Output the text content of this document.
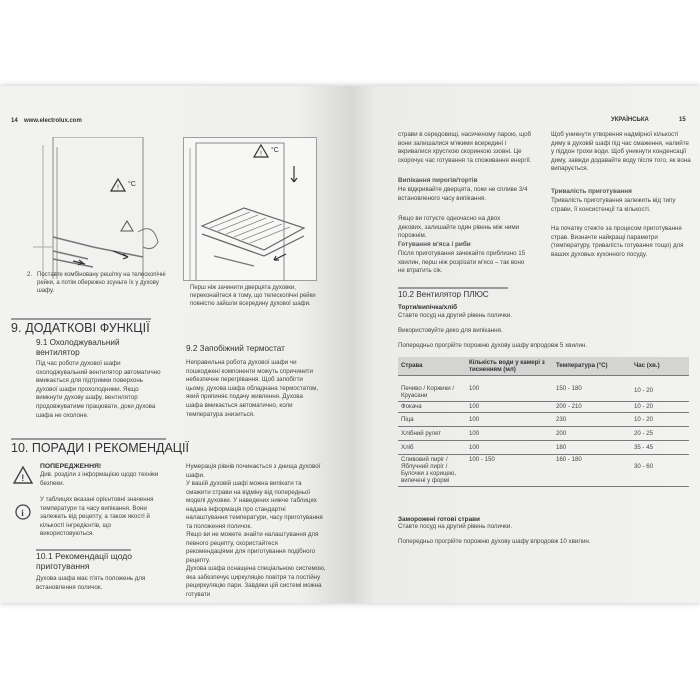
14 www.electrolux.com
! °C
2. Поставте комбіновану решітку на телескопічні рейки, а потім обережно зсуньте їх у духову шафу.
! °C
Перш ніж зачинити дверцята духовки, переконайтеся в тому, що телескопічні рейки повністю зайшли всередину духової шафи.
9. ДОДАТКОВІ ФУНКЦІЇ
9.1 Охолоджувальний вентилятор
Під час роботи духової шафи охолоджувальний вентилятор автоматично вмикається для підтримки поверхонь духової шафи прохолодними. Якщо вимкнути духову шафу, вентилятор продовжуватиме працювати, доки духова шафа не охолоне.
9.2 Запобіжний термостат
Неправильна робота духової шафи чи пошкоджені компоненти можуть спричинити небезпечне перегрівання. Щоб запобігти цьому, духова шафа обладнана термостатом, який припиняє подачу живлення. Духова шафа вмикається автоматично, коли температура знизиться.
10. ПОРАДИ І РЕКОМЕНДАЦІЇ
!
ПОПЕРЕДЖЕННЯ!
Див. розділи з інформацією щодо техніки безпеки.
i
У таблицях вказані орієнтовні значення температури та часу випікання. Вони залежать від рецепту, а також якості й кількості інгредієнтів, що використовуються.
10.1 Рекомендації щодо приготування
Духова шафа має п'ять положень для встановлення поличок.
Нумерація рівнів починається з днища духової шафи.
У вашій духовій шафі можна випікати та смажити страви на відміну від попередньої моделі духовки. У наведених нижче таблицях надана інформація про стандартні налаштування температури, часу приготування та положення поличок.
Якщо ви не можете знайти налаштування для певного рецепту, скористайтеся рекомендаціями для приготування подібного рецепту.
Духова шафа оснащена спеціальною системою, яка забезпечує циркуляцію повітря та постійну рециркуляцію пари. Завдяки цій системі можна готувати
УКРАЇНСЬКА	15
страви в середовищі, насиченому парою, щоб вони залишалися м'якими всередині і вкривалися хрусткою скоринкою ззовні. Це скорочує час готування та споживання енергії.
Випікання пирогів/тортів
Не відкривайте дверцята, поки не спливе 3/4 встановленого часу випікання.
Якщо ви готуєте одночасно на двох декових, залишайте один рівень між ними порожнім.
Готування м'яса і риби
Після приготування зачекайте приблизно 15 хвилин, перш ніж розрізати м'ясо – так воно не втратить сік.
Щоб уникнути утворення надмірної кількості диму в духовій шафі під час смаження, налийте у піддон трохи води. Щоб уникнути конденсації диму, завжди додавайте воду після того, як вона випарується.
Тривалість приготування
Тривалість приготування залежить від типу страви, її консистенції та кількості.
На початку стежте за процесом приготування страв. Визначте найкращі параметри (температуру, тривалість готування тощо) для ваших духовых кухонного посуду.
10.2 Вентилятор ПЛЮС
Торти/випічка/хліб
Ставте посуд на другий рівень полички.
Використовуйте деко для випікання.
Попередньо прогрійте порожню духову шафу впродовж 5 хвилин.
Страва	Кількість води у камері з тисненням (мл)	Температура (°C)	Час (хв.)
Печиво / Коржики / Круасани	100	150 - 180	10 - 20
Фокача	100	200 - 210	10 - 20
Піца	100	230	10 - 20
Хлібний рулет	100	200	20 - 25
Хліб	100	180	35 - 45
Сливовий пиріг / Яблучний пиріг / Булочки з корицею, випечені у формі	100 - 150	160 - 180	30 - 60
Заморожені готові страви
Ставте посуд на другий рівень полички.
Попередньо прогрійте порожню духову шафу впродовж 10 хвилин.
